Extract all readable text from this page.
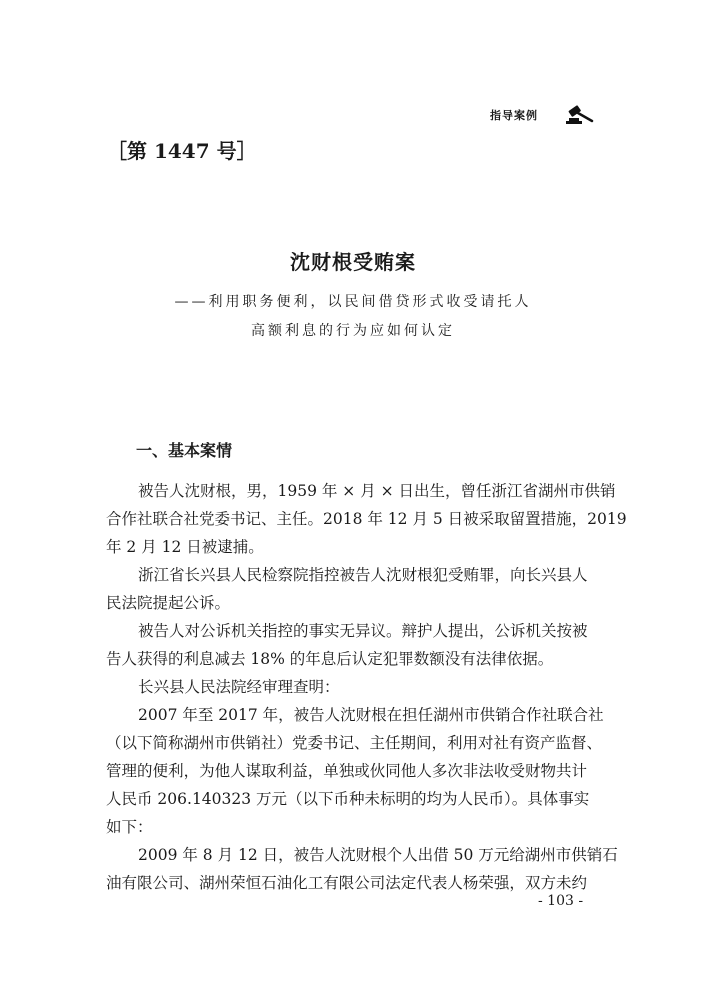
指导案例
［第 1447 号］
沈财根受贿案
——利用职务便利，以民间借贷形式收受请托人
高额利息的行为应如何认定
一、基本案情
被告人沈财根，男，1959 年 × 月 × 日出生，曾任浙江省湖州市供销
合作社联合社党委书记、主任。2018 年 12 月 5 日被采取留置措施，2019
年 2 月 12 日被逮捕。
浙江省长兴县人民检察院指控被告人沈财根犯受贿罪，向长兴县人
民法院提起公诉。
被告人对公诉机关指控的事实无异议。辩护人提出，公诉机关按被
告人获得的利息减去 18% 的年息后认定犯罪数额没有法律依据。
长兴县人民法院经审理查明：
2007 年至 2017 年，被告人沈财根在担任湖州市供销合作社联合社
（以下简称湖州市供销社）党委书记、主任期间，利用对社有资产监督、
管理的便利，为他人谋取利益，单独或伙同他人多次非法收受财物共计
人民币 206.140323 万元（以下币种未标明的均为人民币）。具体事实
如下：
2009 年 8 月 12 日，被告人沈财根个人出借 50 万元给湖州市供销石
油有限公司、湖州荣恒石油化工有限公司法定代表人杨荣强，双方未约
- 103 -
